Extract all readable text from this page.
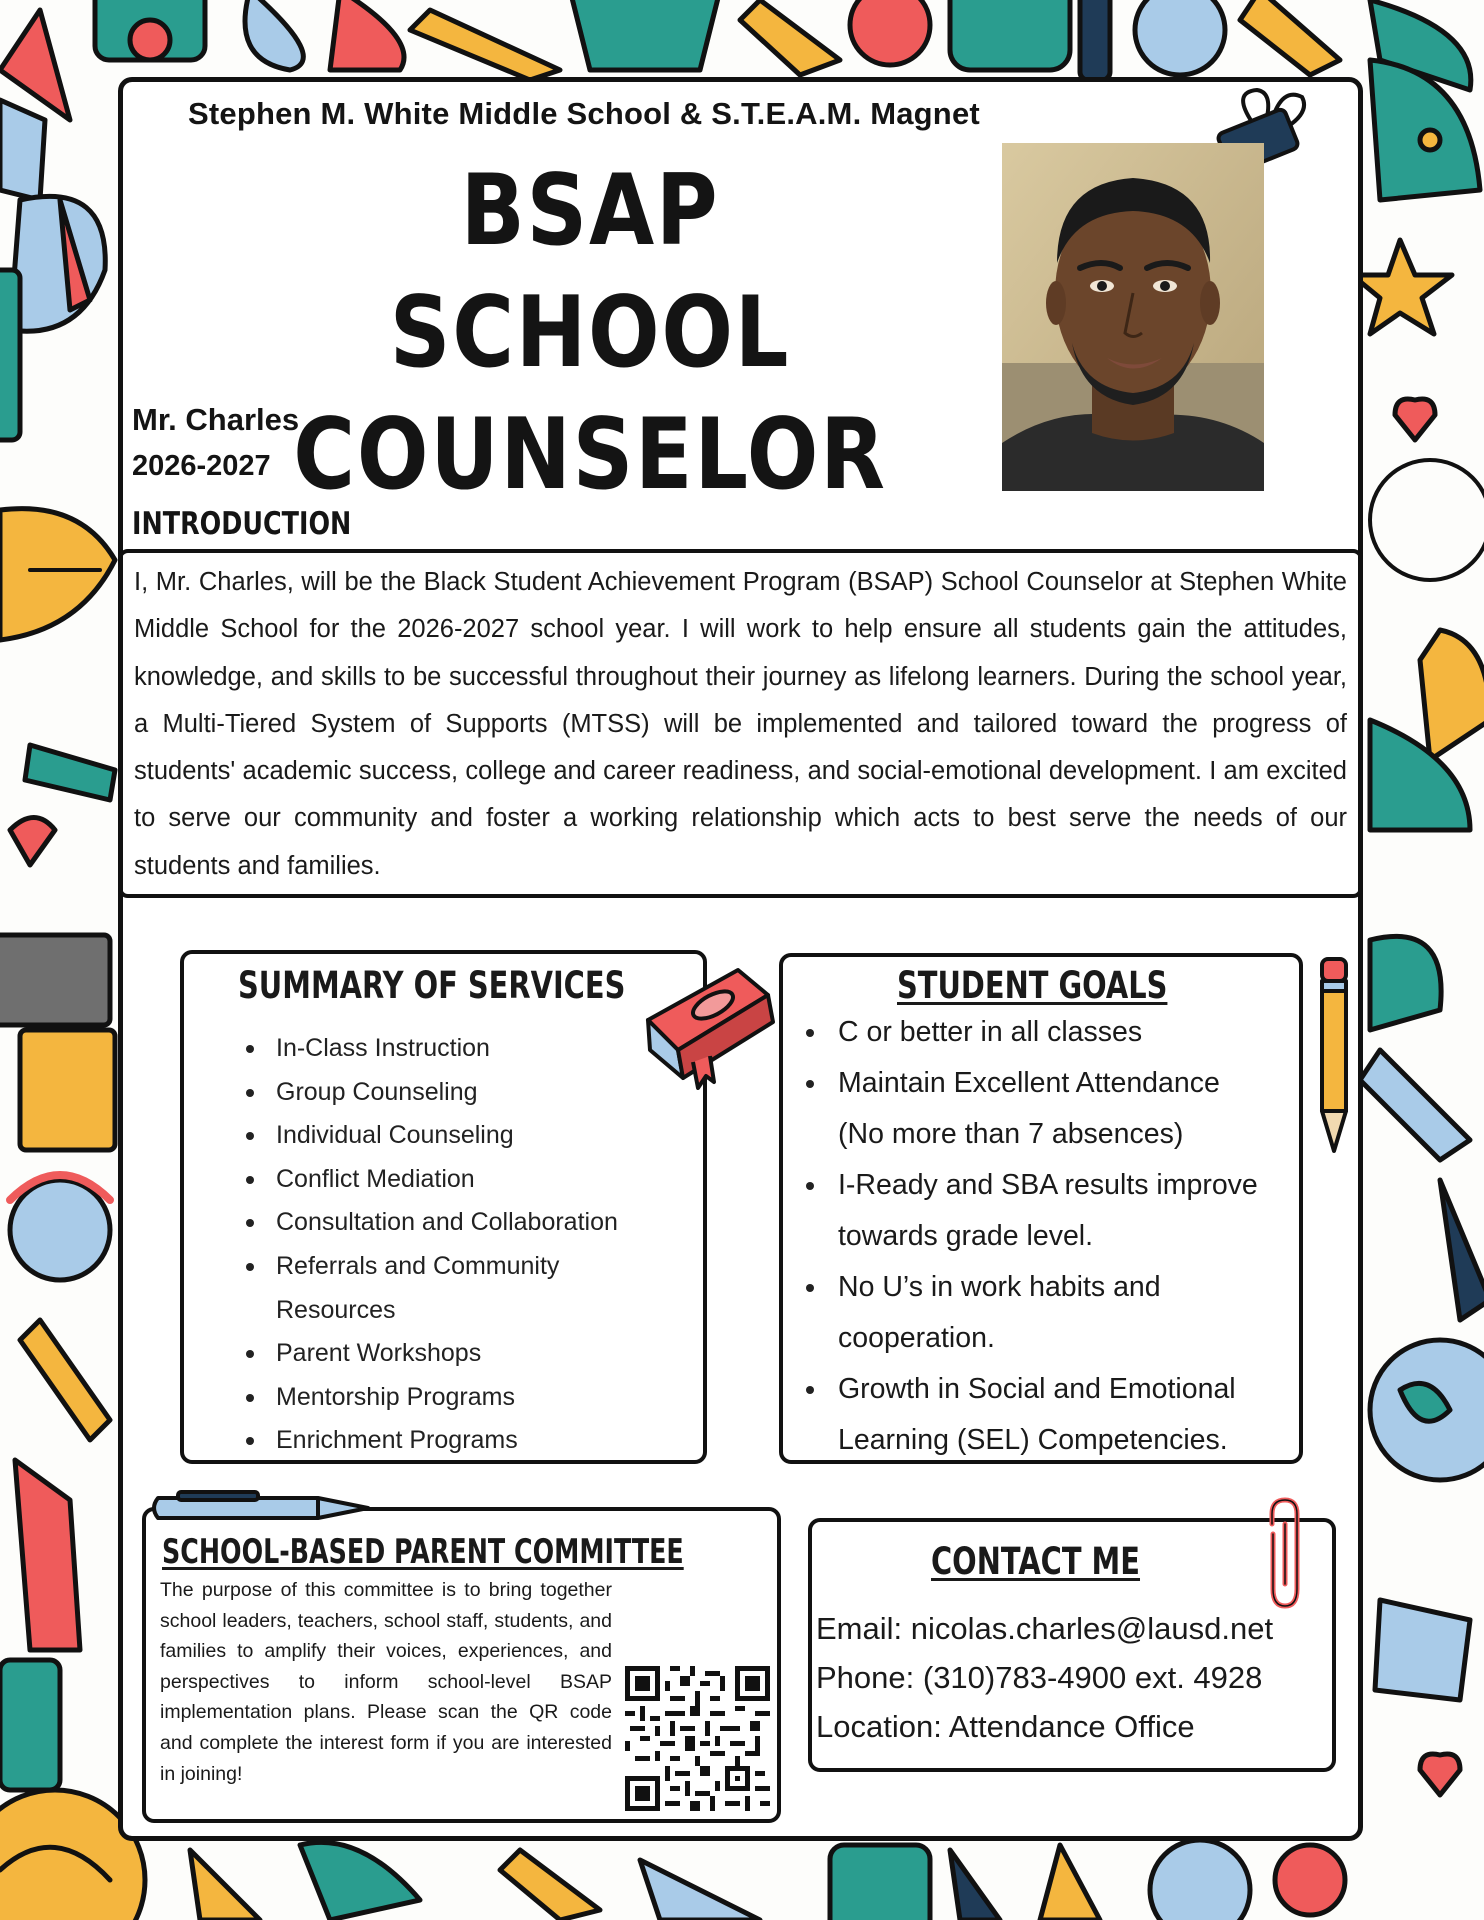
Stephen M. White Middle School & S.T.E.A.M. Magnet
BSAP SCHOOL
COUNSELOR
Mr. Charles
2026-2027
INTRODUCTION

I, Mr. Charles, will be the Black Student Achievement Program (BSAP) School Counselor at Stephen White Middle School for the 2026-2027 school year. I will work to help ensure all students gain the attitudes, knowledge, and skills to be successful throughout their journey as lifelong learners. During the school year, a Multi-Tiered System of Supports (MTSS) will be implemented and tailored toward the progress of students' academic success, college and career readiness, and social-emotional development. I am excited to serve our community and foster a working relationship which acts to best serve the needs of our students and families.

SUMMARY OF SERVICES
In-Class Instruction
Group Counseling
Individual Counseling
Conflict Mediation
Consultation and Collaboration
Referrals and Community Resources
Parent Workshops
Mentorship Programs
Enrichment Programs
STUDENT GOALS
C or better in all classes
Maintain Excellent Attendance (No more than 7 absences)
I-Ready and SBA results improve towards grade level.
No U’s in work habits and cooperation.
Growth in Social and Emotional Learning (SEL) Competencies.
SCHOOL-BASED PARENT COMMITTEE

The purpose of this committee is to bring together school leaders, teachers, school staff, students, and families to amplify their voices, experiences, and perspectives to inform school-level BSAP implementation plans. Please scan the QR code and complete the interest form if you are interested in joining!

CONTACT ME
Email: nicolas.charles@lausd.net
Phone: (310)783-4900 ext. 4928
Location: Attendance Office
